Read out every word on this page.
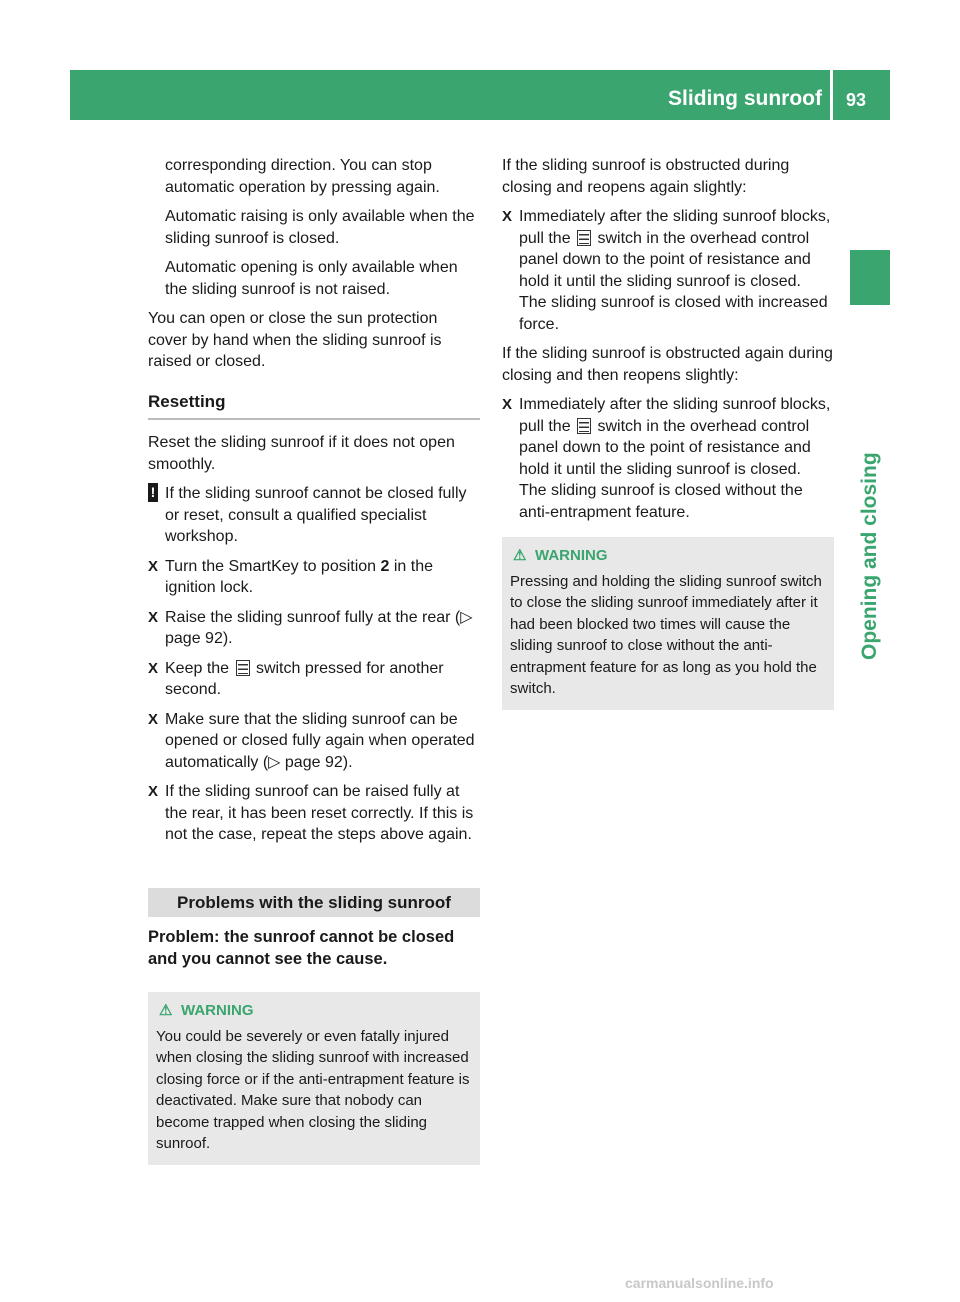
Sliding sunroof 93
Opening and closing

corresponding direction. You can stop automatic operation by pressing again.

Automatic raising is only available when the sliding sunroof is closed.

Automatic opening is only available when the sliding sunroof is not raised.

You can open or close the sun protection cover by hand when the sliding sunroof is raised or closed.

Resetting

Reset the sliding sunroof if it does not open smoothly.

! If the sliding sunroof cannot be closed fully or reset, consult a qualified specialist workshop.
X Turn the SmartKey to position 2 in the ignition lock.
X Raise the sliding sunroof fully at the rear (▷ page 92).
X Keep the  switch pressed for another second.
X Make sure that the sliding sunroof can be opened or closed fully again when operated automatically (▷ page 92).
X If the sliding sunroof can be raised fully at the rear, it has been reset correctly. If this is not the case, repeat the steps above again.
Problems with the sliding sunroof
Problem: the sunroof cannot be closed and you cannot see the cause.
⚠ WARNING
You could be severely or even fatally injured when closing the sliding sunroof with increased closing force or if the anti-entrapment feature is deactivated. Make sure that nobody can become trapped when closing the sliding sunroof.

If the sliding sunroof is obstructed during closing and reopens again slightly:

X Immediately after the sliding sunroof blocks, pull the  switch in the overhead control panel down to the point of resistance and hold it until the sliding sunroof is closed.
The sliding sunroof is closed with increased force.

If the sliding sunroof is obstructed again during closing and then reopens slightly:

X Immediately after the sliding sunroof blocks, pull the  switch in the overhead control panel down to the point of resistance and hold it until the sliding sunroof is closed.
The sliding sunroof is closed without the anti-entrapment feature.
⚠ WARNING
Pressing and holding the sliding sunroof switch to close the sliding sunroof immediately after it had been blocked two times will cause the sliding sunroof to close without the anti-entrapment feature for as long as you hold the switch.
carmanualsonline.info
